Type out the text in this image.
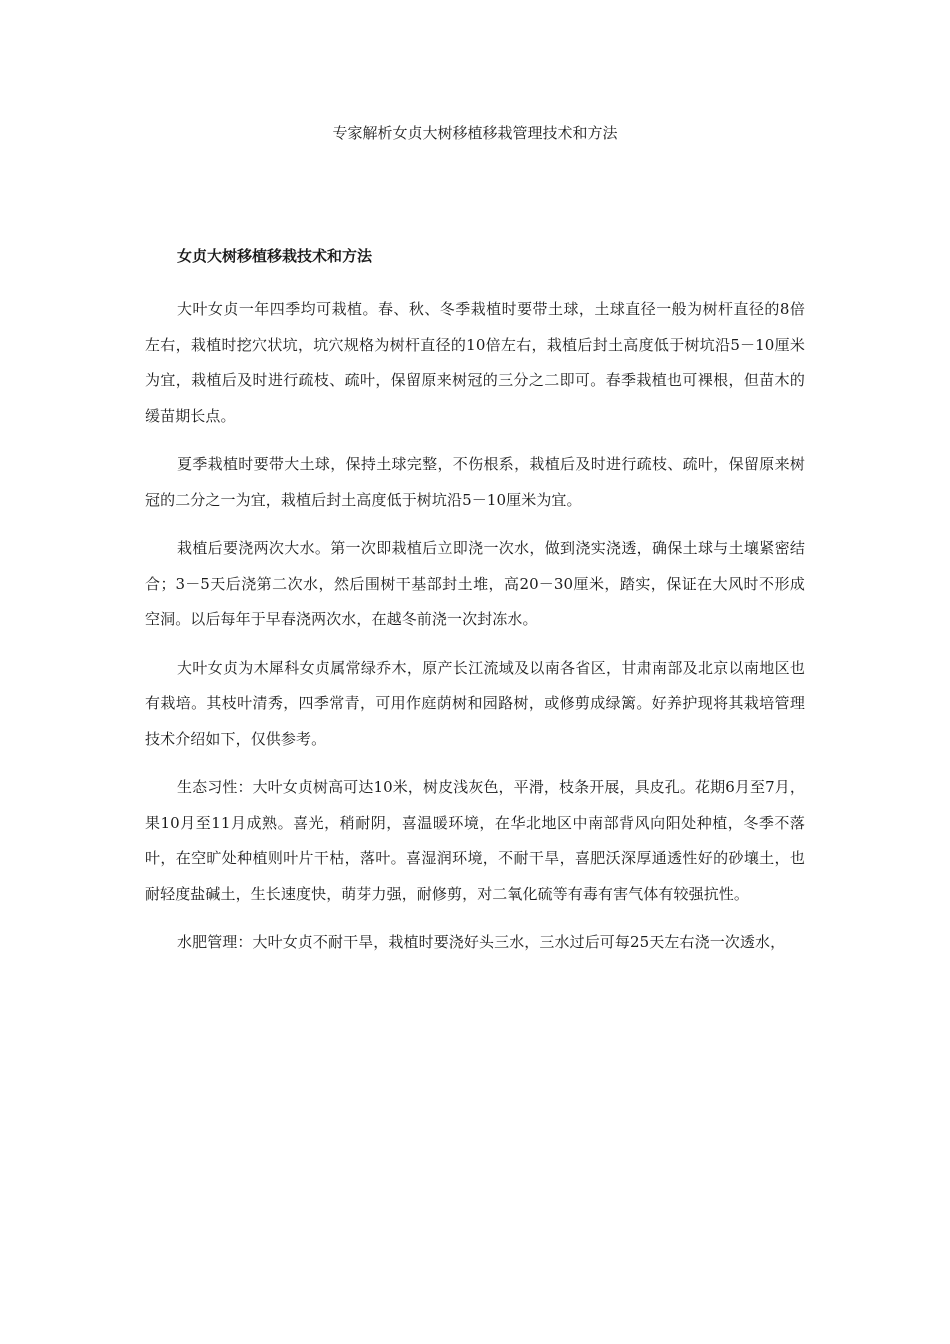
专家解析女贞大树移植移栽管理技术和方法
女贞大树移植移栽技术和方法

大叶女贞一年四季均可栽植。春、秋、冬季栽植时要带土球，土球直径一般为树杆直径的8倍左右，栽植时挖穴状坑，坑穴规格为树杆直径的10倍左右，栽植后封土高度低于树坑沿5－10厘米为宜，栽植后及时进行疏枝、疏叶，保留原来树冠的三分之二即可。春季栽植也可裸根，但苗木的缓苗期长点。

夏季栽植时要带大土球，保持土球完整，不伤根系，栽植后及时进行疏枝、疏叶，保留原来树冠的二分之一为宜，栽植后封土高度低于树坑沿5－10厘米为宜。

栽植后要浇两次大水。第一次即栽植后立即浇一次水，做到浇实浇透，确保土球与土壤紧密结合；3－5天后浇第二次水，然后围树干基部封土堆，高20－30厘米，踏实，保证在大风时不形成空洞。以后每年于早春浇两次水，在越冬前浇一次封冻水。

大叶女贞为木犀科女贞属常绿乔木，原产长江流域及以南各省区，甘肃南部及北京以南地区也有栽培。其枝叶清秀，四季常青，可用作庭荫树和园路树，或修剪成绿篱。好养护现将其栽培管理技术介绍如下，仅供参考。

生态习性：大叶女贞树高可达10米，树皮浅灰色，平滑，枝条开展，具皮孔。花期6月至7月，果10月至11月成熟。喜光，稍耐阴，喜温暖环境，在华北地区中南部背风向阳处种植，冬季不落叶，在空旷处种植则叶片干枯，落叶。喜湿润环境，不耐干旱，喜肥沃深厚通透性好的砂壤土，也耐轻度盐碱土，生长速度快，萌芽力强，耐修剪，对二氧化硫等有毒有害气体有较强抗性。

水肥管理：大叶女贞不耐干旱，栽植时要浇好头三水，三水过后可每25天左右浇一次透水，
